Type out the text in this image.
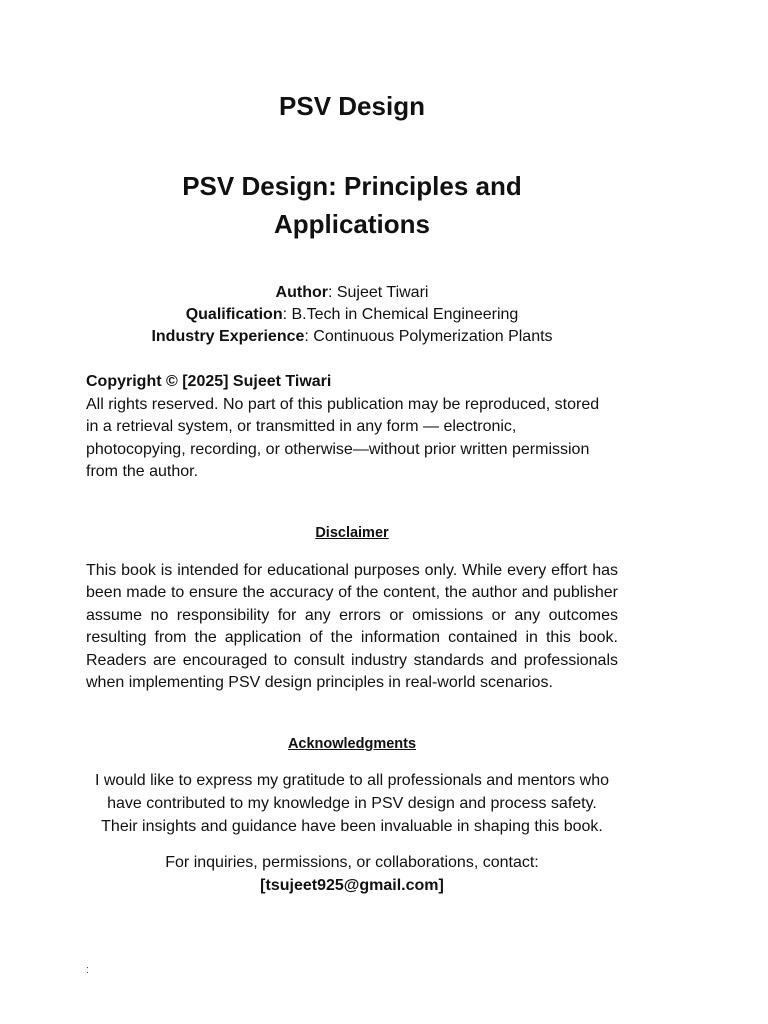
PSV Design
PSV Design: Principles and
Applications
Author: Sujeet Tiwari
Qualification: B.Tech in Chemical Engineering
Industry Experience: Continuous Polymerization Plants
Copyright © [2025] Sujeet Tiwari
All rights reserved. No part of this publication may be reproduced, stored
in a retrieval system, or transmitted in any form — electronic,
photocopying, recording, or otherwise—without prior written permission
from the author.
Disclaimer
This book is intended for educational purposes only. While every effort has been made to ensure the accuracy of the content, the author and publisher assume no responsibility for any errors or omissions or any outcomes resulting from the application of the information contained in this book. Readers are encouraged to consult industry standards and professionals when implementing PSV design principles in real-world scenarios.
Acknowledgments
I would like to express my gratitude to all professionals and mentors who
have contributed to my knowledge in PSV design and process safety.
Their insights and guidance have been invaluable in shaping this book.
For inquiries, permissions, or collaborations, contact:
[tsujeet925@gmail.com]
:
